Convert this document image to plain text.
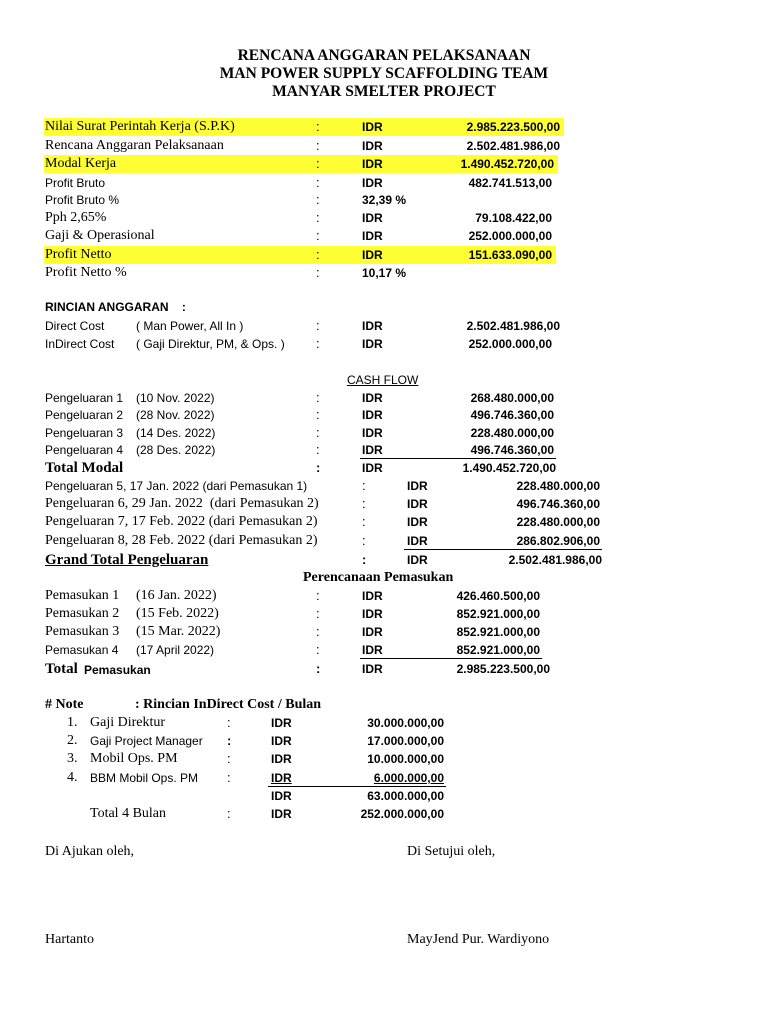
RENCANA ANGGARAN PELAKSANAAN
MAN POWER SUPPLY SCAFFOLDING TEAM
MANYAR SMELTER PROJECT
Nilai Surat Perintah Kerja (S.P.K)	:	IDR	2.985.223.500,00
Rencana Anggaran Pelaksanaan	:	IDR	2.502.481.986,00
Modal Kerja	:	IDR	1.490.452.720,00
Profit Bruto	:	IDR	482.741.513,00
Profit Bruto %	:	32,39 %
Pph 2,65%	:	IDR	79.108.422,00
Gaji & Operasional	:	IDR	252.000.000,00
Profit Netto	:	IDR	151.633.090,00
Profit Netto %	:	10,17 %
RINCIAN ANGGARAN    :
Direct Cost	( Man Power, All In )	:	IDR	2.502.481.986,00
InDirect Cost ( Gaji Direktur, PM, & Ops. ) :	IDR	252.000.000,00
CASH FLOW
Pengeluaran 1 (10 Nov. 2022)	:	IDR	268.480.000,00
Pengeluaran 2 (28 Nov. 2022)	:	IDR	496.746.360,00
Pengeluaran 3 (14 Des. 2022)	:	IDR	228.480.000,00
Pengeluaran 4 (28 Des. 2022)	:	IDR	496.746.360,00
Total Modal	:	IDR	1.490.452.720,00
Pengeluaran 5, 17 Jan. 2022 (dari Pemasukan 1)	:	IDR	228.480.000,00
Pengeluaran 6, 29 Jan. 2022  (dari Pemasukan 2)	:	IDR	496.746.360,00
Pengeluaran 7, 17 Feb. 2022 (dari Pemasukan 2)	:	IDR	228.480.000,00
Pengeluaran 8, 28 Feb. 2022 (dari Pemasukan 2)	:	IDR	286.802.906,00
Grand Total Pengeluaran	:	IDR	2.502.481.986,00
Perencanaan Pemasukan
Pemasukan 1 (16 Jan. 2022)	:	IDR	426.460.500,00
Pemasukan 2 (15 Feb. 2022)	:	IDR	852.921.000,00
Pemasukan 3 (15 Mar. 2022)	:	IDR	852.921.000,00
Pemasukan 4 (17 April 2022)	:	IDR	852.921.000,00
Total Pemasukan	:	IDR	2.985.223.500,00
# Note	: Rincian InDirect Cost / Bulan
1. Gaji Direktur	:	IDR	30.000.000,00
2. Gaji Project Manager :	IDR	17.000.000,00
3. Mobil Ops. PM	:	IDR	10.000.000,00
4. BBM Mobil Ops. PM :	IDR	6.000.000,00
IDR	63.000.000,00
Total 4 Bulan	:	IDR	252.000.000,00
Di Ajukan oleh,	Di Setujui oleh,
Hartanto	MayJend Pur. Wardiyono
